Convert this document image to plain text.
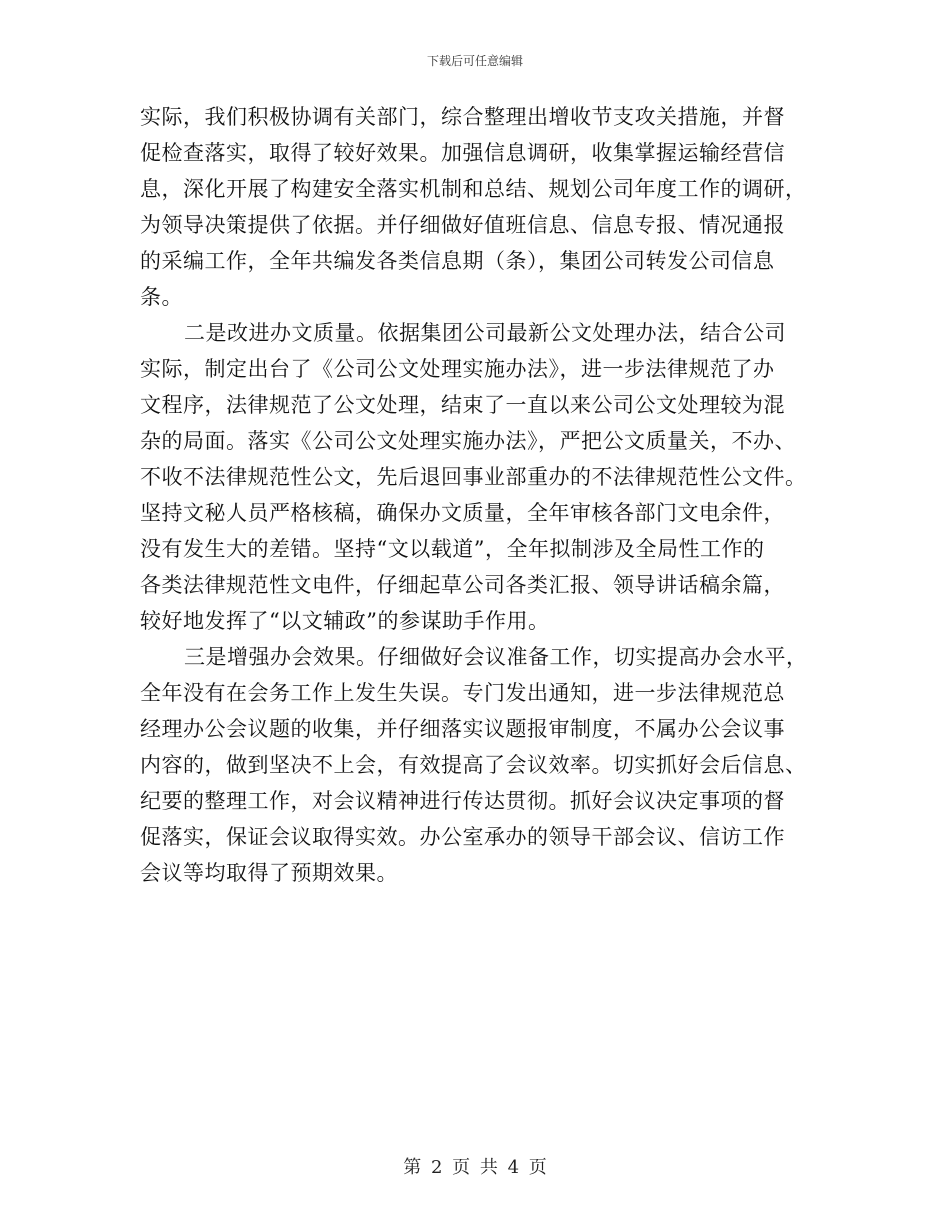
下载后可任意编辑
实际，我们积极协调有关部门，综合整理出增收节支攻关措施，并督
促检查落实，取得了较好效果。加强信息调研，收集掌握运输经营信
息，深化开展了构建安全落实机制和总结、规划公司年度工作的调研，
为领导决策提供了依据。并仔细做好值班信息、信息专报、情况通报
的采编工作，全年共编发各类信息期（条），集团公司转发公司信息
条。
二是改进办文质量。依据集团公司最新公文处理办法，结合公司
实际，制定出台了《公司公文处理实施办法》，进一步法律规范了办
文程序，法律规范了公文处理，结束了一直以来公司公文处理较为混
杂的局面。落实《公司公文处理实施办法》，严把公文质量关，不办、
不收不法律规范性公文，先后退回事业部重办的不法律规范性公文件。
坚持文秘人员严格核稿，确保办文质量，全年审核各部门文电余件，
没有发生大的差错。坚持“文以载道”，全年拟制涉及全局性工作的
各类法律规范性文电件，仔细起草公司各类汇报、领导讲话稿余篇，
较好地发挥了“以文辅政”的参谋助手作用。
三是增强办会效果。仔细做好会议准备工作，切实提高办会水平，
全年没有在会务工作上发生失误。专门发出通知，进一步法律规范总
经理办公会议题的收集，并仔细落实议题报审制度，不属办公会议事
内容的，做到坚决不上会，有效提高了会议效率。切实抓好会后信息、
纪要的整理工作，对会议精神进行传达贯彻。抓好会议决定事项的督
促落实，保证会议取得实效。办公室承办的领导干部会议、信访工作
会议等均取得了预期效果。
第 2 页 共 4 页
